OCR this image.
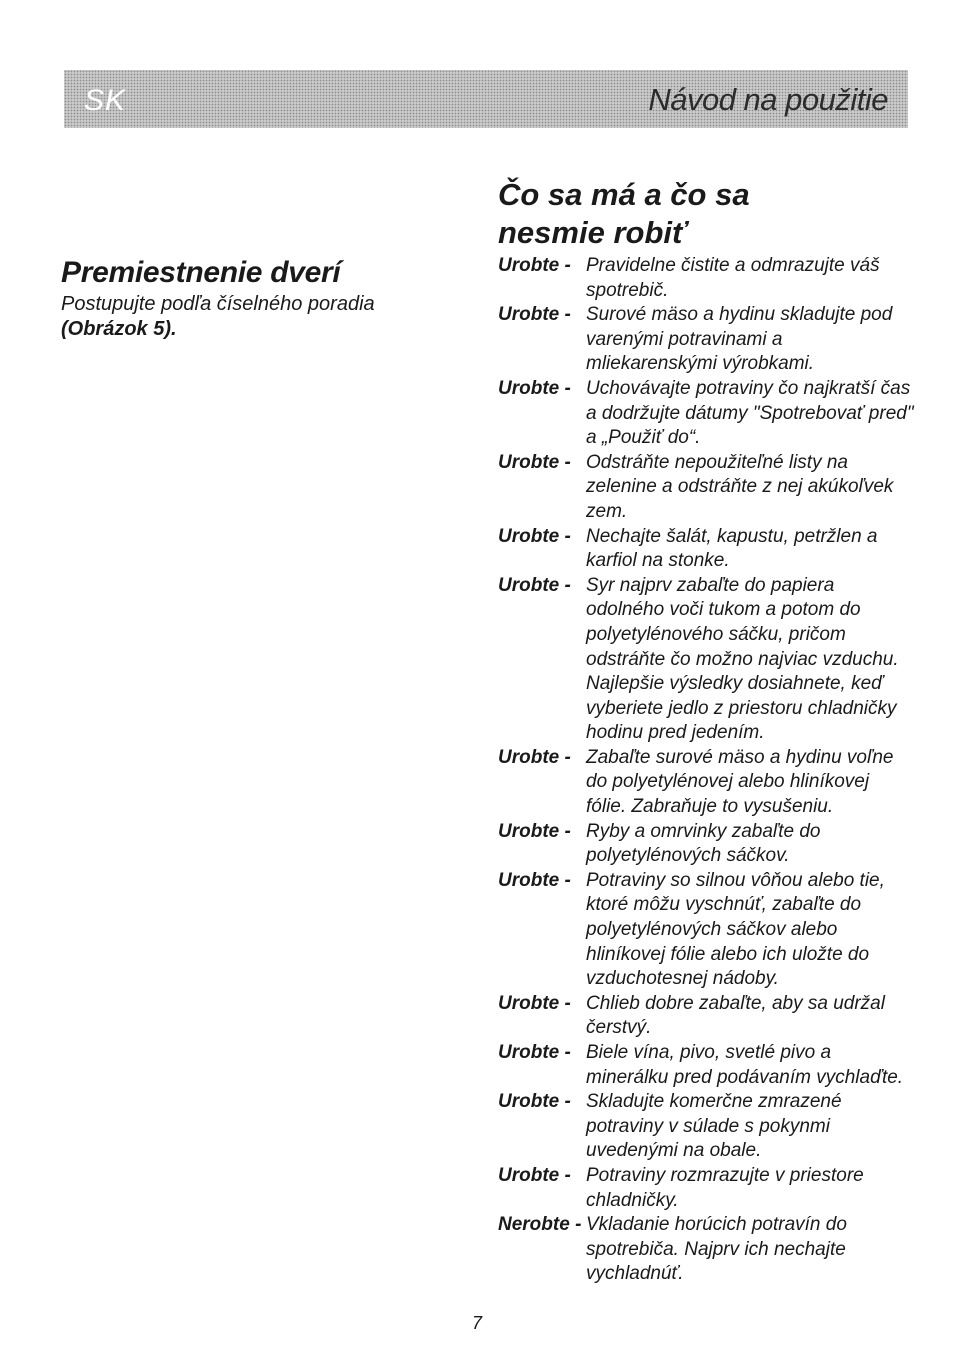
SK	Návod na použitie
Premiestnenie dverí

Postupujte podľa číselného poradia

(Obrázok 5).

Čo sa má a čo sa nesmie robiť
Urobte - Pravidelne čistite a odmrazujte váš spotrebič.
Urobte - Surové mäso a hydinu skladujte pod varenými potravinami a mliekarenskými výrobkami.
Urobte - Uchovávajte potraviny čo najkratší čas a dodržujte dátumy "Spotrebovať pred" a „Použiť do“.
Urobte - Odstráňte nepoužiteľné listy na zelenine a odstráňte z nej akúkoľvek zem.
Urobte - Nechajte šalát, kapustu, petržlen a karfiol na stonke.
Urobte - Syr najprv zabaľte do papiera odolného voči tukom a potom do polyetylénového sáčku, pričom odstráňte čo možno najviac vzduchu. Najlepšie výsledky dosiahnete, keď vyberiete jedlo z priestoru chladničky hodinu pred jedením.
Urobte - Zabaľte surové mäso a hydinu voľne do polyetylénovej alebo hliníkovej fólie. Zabraňuje to vysušeniu.
Urobte - Ryby a omrvinky zabaľte do polyetylénových sáčkov.
Urobte - Potraviny so silnou vôňou alebo tie, ktoré môžu vyschnúť, zabaľte do polyetylénových sáčkov alebo hliníkovej fólie alebo ich uložte do vzduchotesnej nádoby.
Urobte - Chlieb dobre zabaľte, aby sa udržal čerstvý.
Urobte - Biele vína, pivo, svetlé pivo a minerálku pred podávaním vychlaďte.
Urobte - Skladujte komerčne zmrazené potraviny v súlade s pokynmi uvedenými na obale.
Urobte - Potraviny rozmrazujte v priestore chladničky.
Nerobte - Vkladanie horúcich potravín do spotrebiča. Najprv ich nechajte vychladnúť.
7
